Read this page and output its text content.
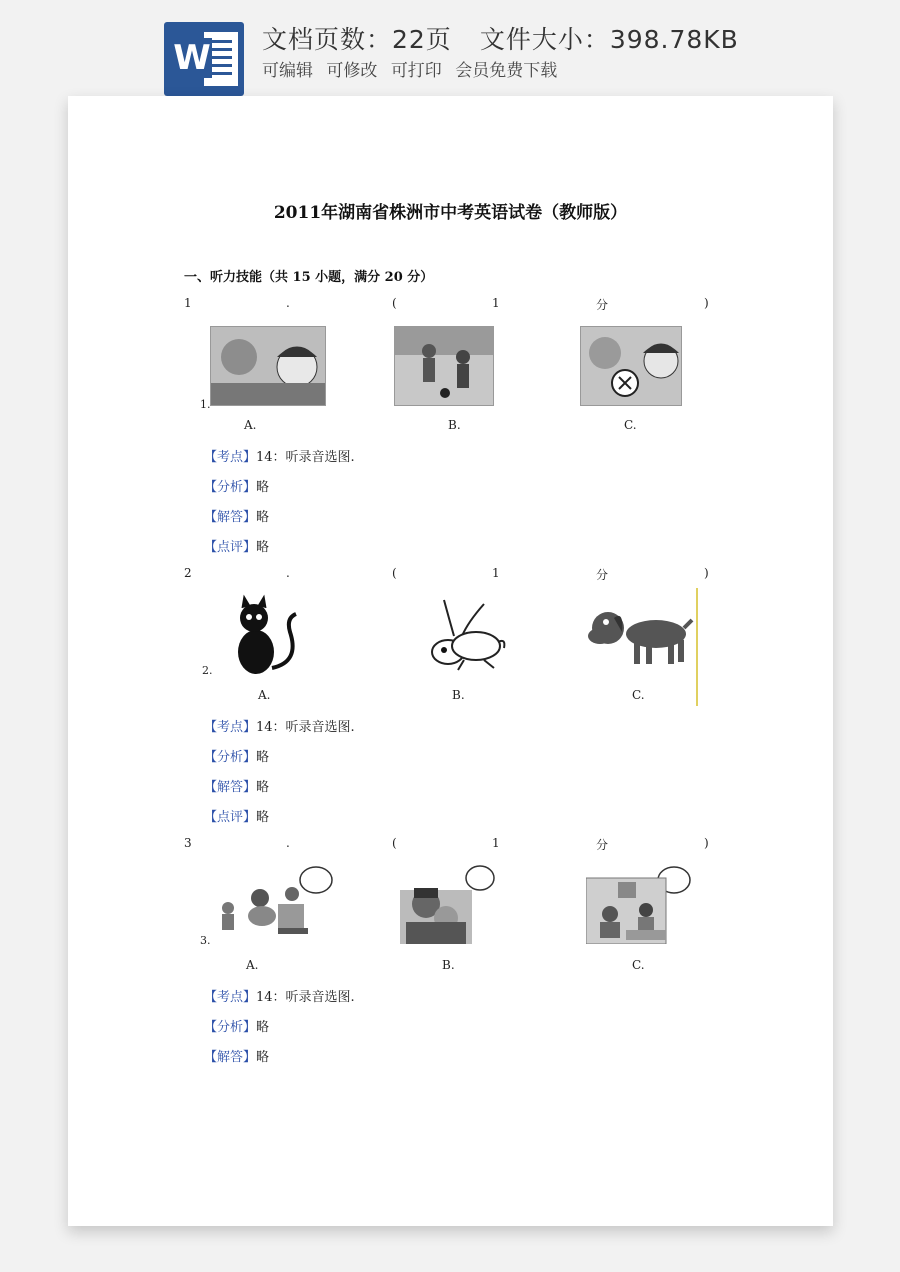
W 文档页数：22页 文件大小：398.78KB
可编辑 可修改 可打印 会员免费下载
2011年湖南省株洲市中考英语试卷（教师版）
一、听力技能（共 15 小题，满分 20 分）
1	.	(	1	分	)
1.
A.	B.	C.
【考点】14：听录音选图.
【分析】略
【解答】略
【点评】略
2	.	(	1	分	)
2.
A.	B.	C.
【考点】14：听录音选图.
【分析】略
【解答】略
【点评】略
3	.	(	1	分	)
3.
A.	B.	C.
【考点】14：听录音选图.
【分析】略
【解答】略
